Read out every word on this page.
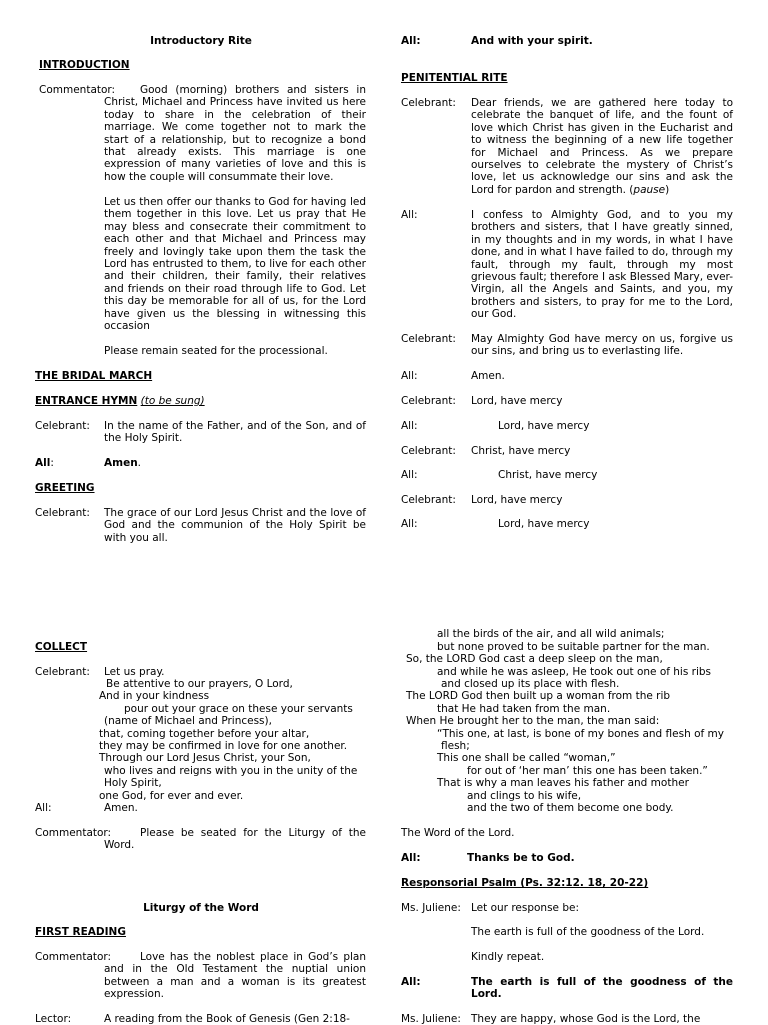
Introductory Rite
INTRODUCTION
Commentator:	Good (morning) brothers and sisters in Christ, Michael and Princess have invited us here today to share in the celebration of their marriage. We come together not to mark the start of a relationship, but to recognize a bond that already exists. This marriage is one expression of many varieties of love and this is how the couple will consummate their love.
Let us then offer our thanks to God for having led them together in this love. Let us pray that He may bless and consecrate their commitment to each other and that Michael and Princess may freely and lovingly take upon them the task the Lord has entrusted to them, to live for each other and their children, their family, their relatives and friends on their road through life to God. Let this day be memorable for all of us, for the Lord have given us the blessing in witnessing this occasion
Please remain seated for the processional.
THE BRIDAL MARCH
ENTRANCE HYMN (to be sung)
Celebrant: In the name of the Father, and of the Son, and of the Holy Spirit.
All:	Amen.
GREETING
Celebrant: The grace of our Lord Jesus Christ and the love of God and the communion of the Holy Spirit be with you all.
All:	And with your spirit.
PENITENTIAL RITE
Celebrant: Dear friends, we are gathered here today to celebrate the banquet of life, and the fount of love which Christ has given in the Eucharist and to witness the beginning of a new life together for Michael and Princess. As we prepare ourselves to celebrate the mystery of Christ’s love, let us acknowledge our sins and ask the Lord for pardon and strength. (pause)
All:	I confess to Almighty God, and to you my brothers and sisters, that I have greatly sinned, in my thoughts and in my words, in what I have done, and in what I have failed to do, through my fault, through my fault, through my most grievous fault; therefore I ask Blessed Mary, ever-Virgin, all the Angels and Saints, and you, my brothers and sisters, to pray for me to the Lord, our God.
Celebrant: May Almighty God have mercy on us, forgive us our sins, and bring us to everlasting life.
All:	Amen.
Celebrant: Lord, have mercy
All:	Lord, have mercy
Celebrant: Christ, have mercy
All:	Christ, have mercy
Celebrant: Lord, have mercy
All:	Lord, have mercy
COLLECT
Celebrant: Let us pray.
Be attentive to our prayers, O Lord,
And in your kindness
pour out your grace on these your servants
(name of Michael and Princess),
that, coming together before your altar,
they may be confirmed in love for one another.
Through our Lord Jesus Christ, your Son,
who lives and reigns with you in the unity of the
Holy Spirit,
one God, for ever and ever.
All:	Amen.
Commentator:	Please be seated for the Liturgy of the Word.
Liturgy of the Word
FIRST READING
Commentator:	Love has the noblest place in God’s plan and in the Old Testament the nuptial union between a man and a woman is its greatest expression.
Lector:	A reading from the Book of Genesis (Gen 2:18-
all the birds of the air, and all wild animals;
but none proved to be suitable partner for the man.
So, the LORD God cast a deep sleep on the man,
and while he was asleep, He took out one of his ribs
and closed up its place with flesh.
The LORD God then built up a woman from the rib
that He had taken from the man.
When He brought her to the man, the man said:
“This one, at last, is bone of my bones and flesh of my
flesh;
This one shall be called “woman,”
for out of ‘her man’ this one has been taken.”
That is why a man leaves his father and mother
and clings to his wife,
and the two of them become one body.
The Word of the Lord.
All:	Thanks be to God.
Responsorial Psalm (Ps. 32:12. 18, 20-22)
Ms. Juliene: Let our response be:
The earth is full of the goodness of the Lord.
Kindly repeat.
All:	The earth is full of the goodness of the Lord.
Ms. Juliene: They are happy, whose God is the Lord, the
